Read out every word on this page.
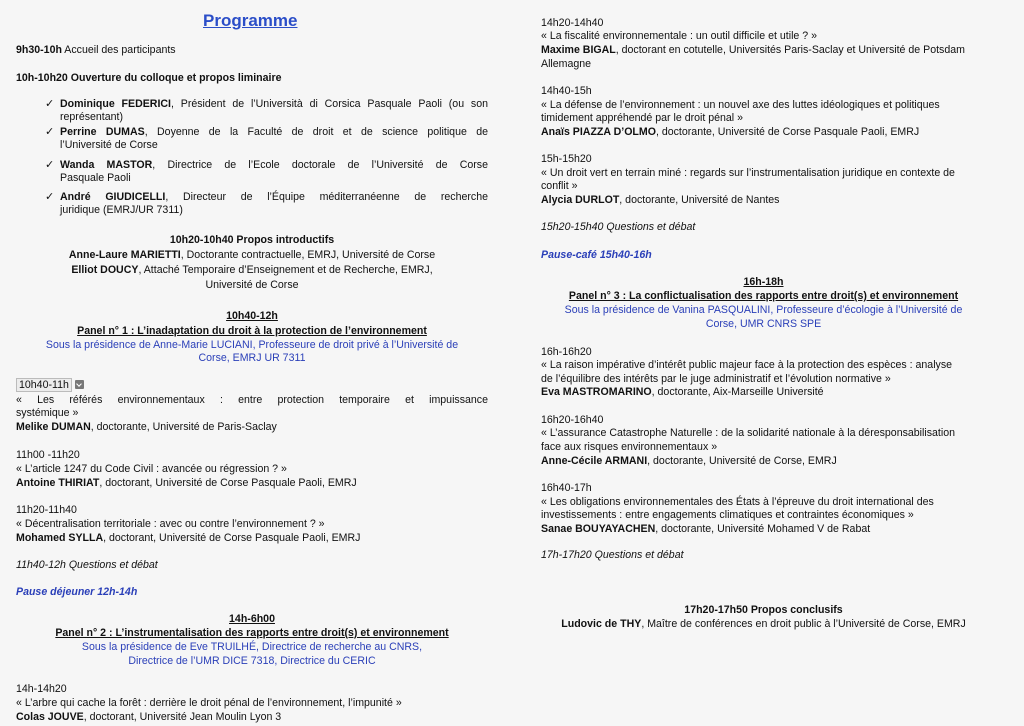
Programme
9h30-10h Accueil des participants
10h-10h20 Ouverture du colloque et propos liminaire
✓ Dominique FEDERICI, Président de l’Università di Corsica Pasquale Paoli (ou son
représentant)
✓ Perrine DUMAS, Doyenne de la Faculté de droit et de science politique de
l’Université de Corse
✓ Wanda MASTOR, Directrice de l’Ecole doctorale de l’Université de Corse
Pasquale Paoli
✓ André GIUDICELLI, Directeur de l’Équipe méditerranéenne de recherche
juridique (EMRJ/UR 7311)
10h20-10h40 Propos introductifs
Anne-Laure MARIETTI, Doctorante contractuelle, EMRJ, Université de Corse
Elliot DOUCY, Attaché Temporaire d’Enseignement et de Recherche, EMRJ,
Université de Corse
10h40-12h
Panel n° 1 : L’inadaptation du droit à la protection de l’environnement
Sous la présidence de Anne-Marie LUCIANI, Professeure de droit privé à l’Université de
Corse, EMRJ UR 7311
10h40-11h
« Les référés environnementaux : entre protection temporaire et impuissance
systémique »
Melike DUMAN, doctorante, Université de Paris-Saclay
11h00 -11h20
« L’article 1247 du Code Civil : avancée ou régression ? »
Antoine THIRIAT, doctorant, Université de Corse Pasquale Paoli, EMRJ
11h20-11h40
« Décentralisation territoriale : avec ou contre l’environnement ? »
Mohamed SYLLA, doctorant, Université de Corse Pasquale Paoli, EMRJ
11h40-12h Questions et débat
Pause déjeuner 12h-14h
14h-6h00
Panel n° 2 : L’instrumentalisation des rapports entre droit(s) et environnement
Sous la présidence de Eve TRUILHÉ, Directrice de recherche au CNRS,
Directrice de l’UMR DICE 7318, Directrice du CERIC
14h-14h20
« L’arbre qui cache la forêt : derrière le droit pénal de l’environnement, l’impunité »
Colas JOUVE, doctorant, Université Jean Moulin Lyon 3
14h20-14h40
« La fiscalité environnementale : un outil difficile et utile ? »
Maxime BIGAL, doctorant en cotutelle, Universités Paris-Saclay et Université de Potsdam
Allemagne
14h40-15h
« La défense de l’environnement : un nouvel axe des luttes idéologiques et politiques
timidement appréhendé par le droit pénal »
Anaïs PIAZZA D’OLMO, doctorante, Université de Corse Pasquale Paoli, EMRJ
15h-15h20
« Un droit vert en terrain miné : regards sur l’instrumentalisation juridique en contexte de
conflit »
Alycia DURLOT, doctorante, Université de Nantes
15h20-15h40 Questions et débat
Pause-café 15h40-16h
16h-18h
Panel n° 3 : La conflictualisation des rapports entre droit(s) et environnement
Sous la présidence de Vanina PASQUALINI, Professeure d’écologie à l’Université de
Corse, UMR CNRS SPE
16h-16h20
« La raison impérative d’intérêt public majeur face à la protection des espèces : analyse
de l’équilibre des intérêts par le juge administratif et l’évolution normative »
Eva MASTROMARINO, doctorante, Aix-Marseille Université
16h20-16h40
« L’assurance Catastrophe Naturelle : de la solidarité nationale à la déresponsabilisation
face aux risques environnementaux »
Anne-Cécile ARMANI, doctorante, Université de Corse, EMRJ
16h40-17h
« Les obligations environnementales des États à l’épreuve du droit international des
investissements : entre engagements climatiques et contraintes économiques »
Sanae BOUYAYACHEN, doctorante, Université Mohamed V de Rabat
17h-17h20 Questions et débat
17h20-17h50 Propos conclusifs
Ludovic de THY, Maître de conférences en droit public à l’Université de Corse, EMRJ
